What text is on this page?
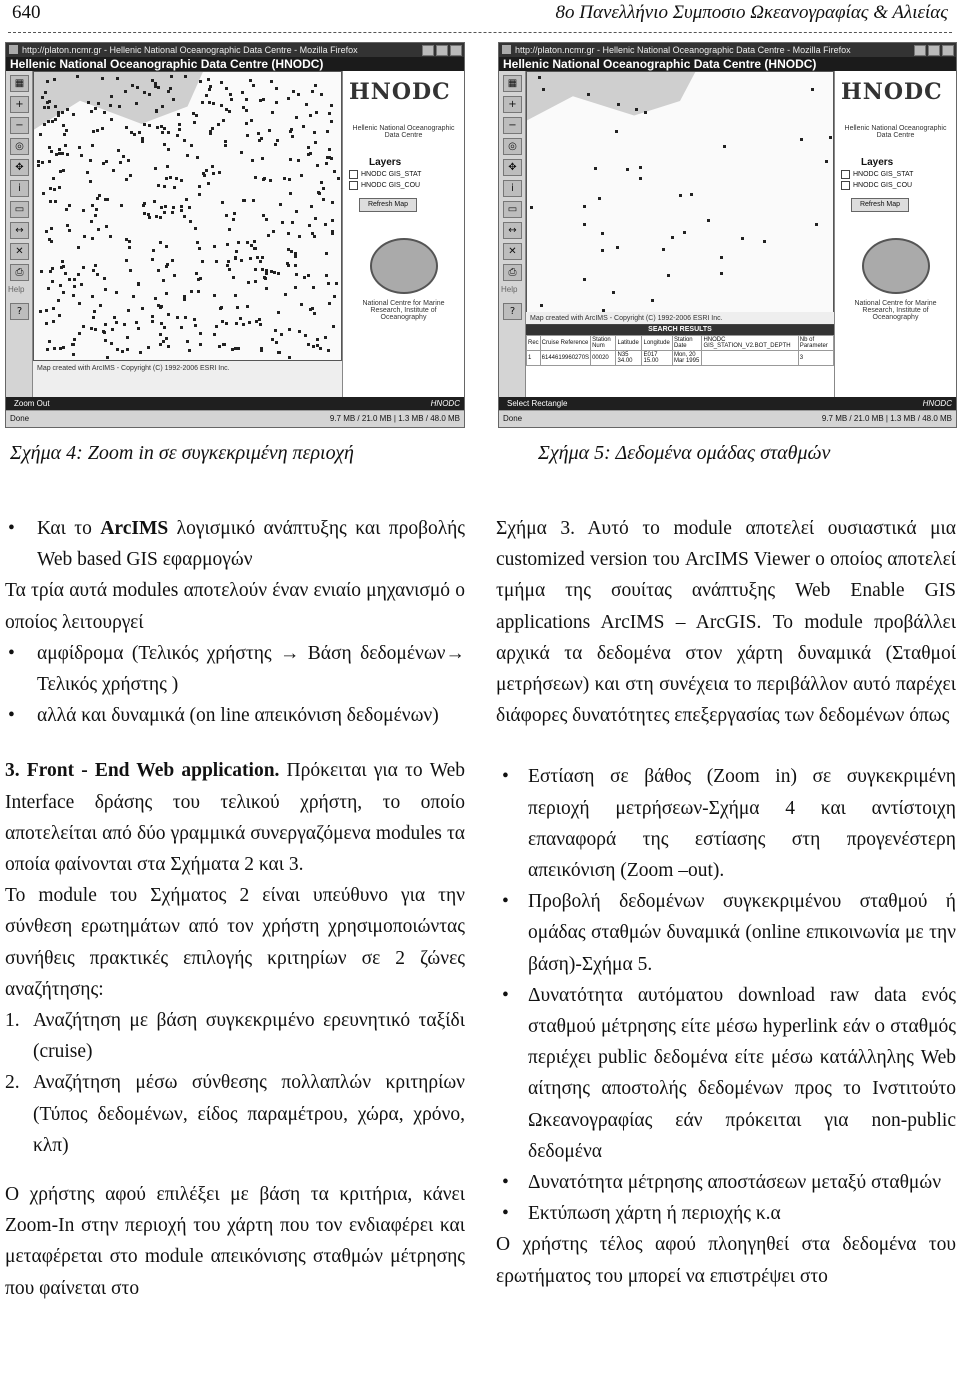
640	8ο Πανελλήνιο Συμποσιο Ωκεανογραφίας & Αλιείας
http://platon.ncmr.gr - Hellenic National Oceanographic Data Centre - Mozilla Firefox
Hellenic National Oceanographic Data Centre (HNODC)
▦
+
−
◎
✥
i
▭
↔
✕
⎙
Help
?
Map created with ArcIMS - Copyright (C) 1992-2006 ESRI Inc.
HNODC
Hellenic National Oceanographic Data Centre
Layers
HNODC GIS_STAT
HNODC GIS_COU
Refresh Map
National Centre for Marine Research, Institute of Oceanography
Zoom Out	HNODC
Done	9.7 MB / 21.0 MB | 1.3 MB / 48.0 MB
http://platon.ncmr.gr - Hellenic National Oceanographic Data Centre - Mozilla Firefox
Hellenic National Oceanographic Data Centre (HNODC)
▦
+
−
◎
✥
i
▭
↔
✕
⎙
Help
?
Map created with ArcIMS - Copyright (C) 1992-2006 ESRI Inc.
SEARCH RESULTS
Rec	Cruise Reference	Station Num	Latitude	Longitude	Station Date	HNODC GIS_STATION_V2.BOT_DEPTH	Nb of Parameter
1	6144619960270S	00020	N35 34.00	E017 15.00	Mon, 20 Mar 1995		3
HNODC
Hellenic National Oceanographic Data Centre
Layers
HNODC GIS_STAT
HNODC GIS_COU
Refresh Map
National Centre for Marine Research, Institute of Oceanography
Select Rectangle	HNODC
Done	9.7 MB / 21.0 MB | 1.3 MB / 48.0 MB
Σχήμα 4: Zoom in σε συγκεκριμένη περιοχή	Σχήμα 5: Δεδομένα ομάδας σταθμών

• Και το ArcIMS λογισμικό ανάπτυξης και προβολής Web based GIS εφαρμογών

Τα τρία αυτά modules αποτελούν έναν ενιαίο μηχανισμό ο οποίος λειτουργεί

• αμφίδρομα (Τελικός χρήστης → Βάση δεδομένων→ Τελικός χρήστης )

• αλλά και δυναμικά (on line απεικόνιση δεδομένων)

3. Front - End Web application. Πρόκειται για το Web Interface δράσης του τελικού χρήστη, το οποίο αποτελείται από δύο γραμμικά συνεργαζόμενα modules τα οποία φαίνονται στα Σχήματα 2 και 3.

Το module του Σχήματος 2 είναι υπεύθυνο για την σύνθεση ερωτημάτων από τον χρήστη χρησιμοποιώντας συνήθεις πρακτικές επιλογής κριτηρίων σε 2 ζώνες αναζήτησης:

1. Αναζήτηση με βάση συγκεκριμένο ερευνητικό ταξίδι (cruise)

2. Αναζήτηση μέσω σύνθεσης πολλαπλών κριτηρίων (Τύπος δεδομένων, είδος παραμέτρου, χώρα, χρόνο, κλπ)

Ο χρήστης αφού επιλέξει με βάση τα κριτήρια, κάνει Zoom-In στην περιοχή του χάρτη που τον ενδιαφέρει και μεταφέρεται στο module απεικόνισης σταθμών μέτρησης που φαίνεται στο

Σχήμα 3. Αυτό το module αποτελεί ουσιαστικά μια customized version του ArcIMS Viewer ο οποίος αποτελεί τμήμα της σουίτας ανάπτυξης Web Enable GIS applications ArcIMS – ArcGIS. Το module προβάλλει αρχικά τα δεδομένα στον χάρτη δυναμικά (Σταθμοί μετρήσεων) και στη συνέχεια το περιβάλλον αυτό παρέχει διάφορες δυνατότητες επεξεργασίας των δεδομένων όπως

• Εστίαση σε βάθος (Zoom in) σε συγκεκριμένη περιοχή μετρήσεων-Σχήμα 4 και αντίστοιχη επαναφορά της εστίασης στη προγενέστερη απεικόνιση (Zoom –out).

• Προβολή δεδομένων συγκεκριμένου σταθμού ή ομάδας σταθμών δυναμικά (online επικοινωνία με την βάση)-Σχήμα 5.

• Δυνατότητα αυτόματου download raw data ενός σταθμού μέτρησης είτε μέσω hyperlink εάν ο σταθμός περιέχει public δεδομένα είτε μέσω κατάλληλης Web αίτησης αποστολής δεδομένων προς το Ινστιτούτο Ωκεανογραφίας εάν πρόκειται για non-public δεδομένα

• Δυνατότητα μέτρησης αποστάσεων μεταξύ σταθμών

• Εκτύπωση χάρτη ή περιοχής κ.α

Ο χρήστης τέλος αφού πλοηγηθεί στα δεδομένα του ερωτήματος του μπορεί να επιστρέψει στο
